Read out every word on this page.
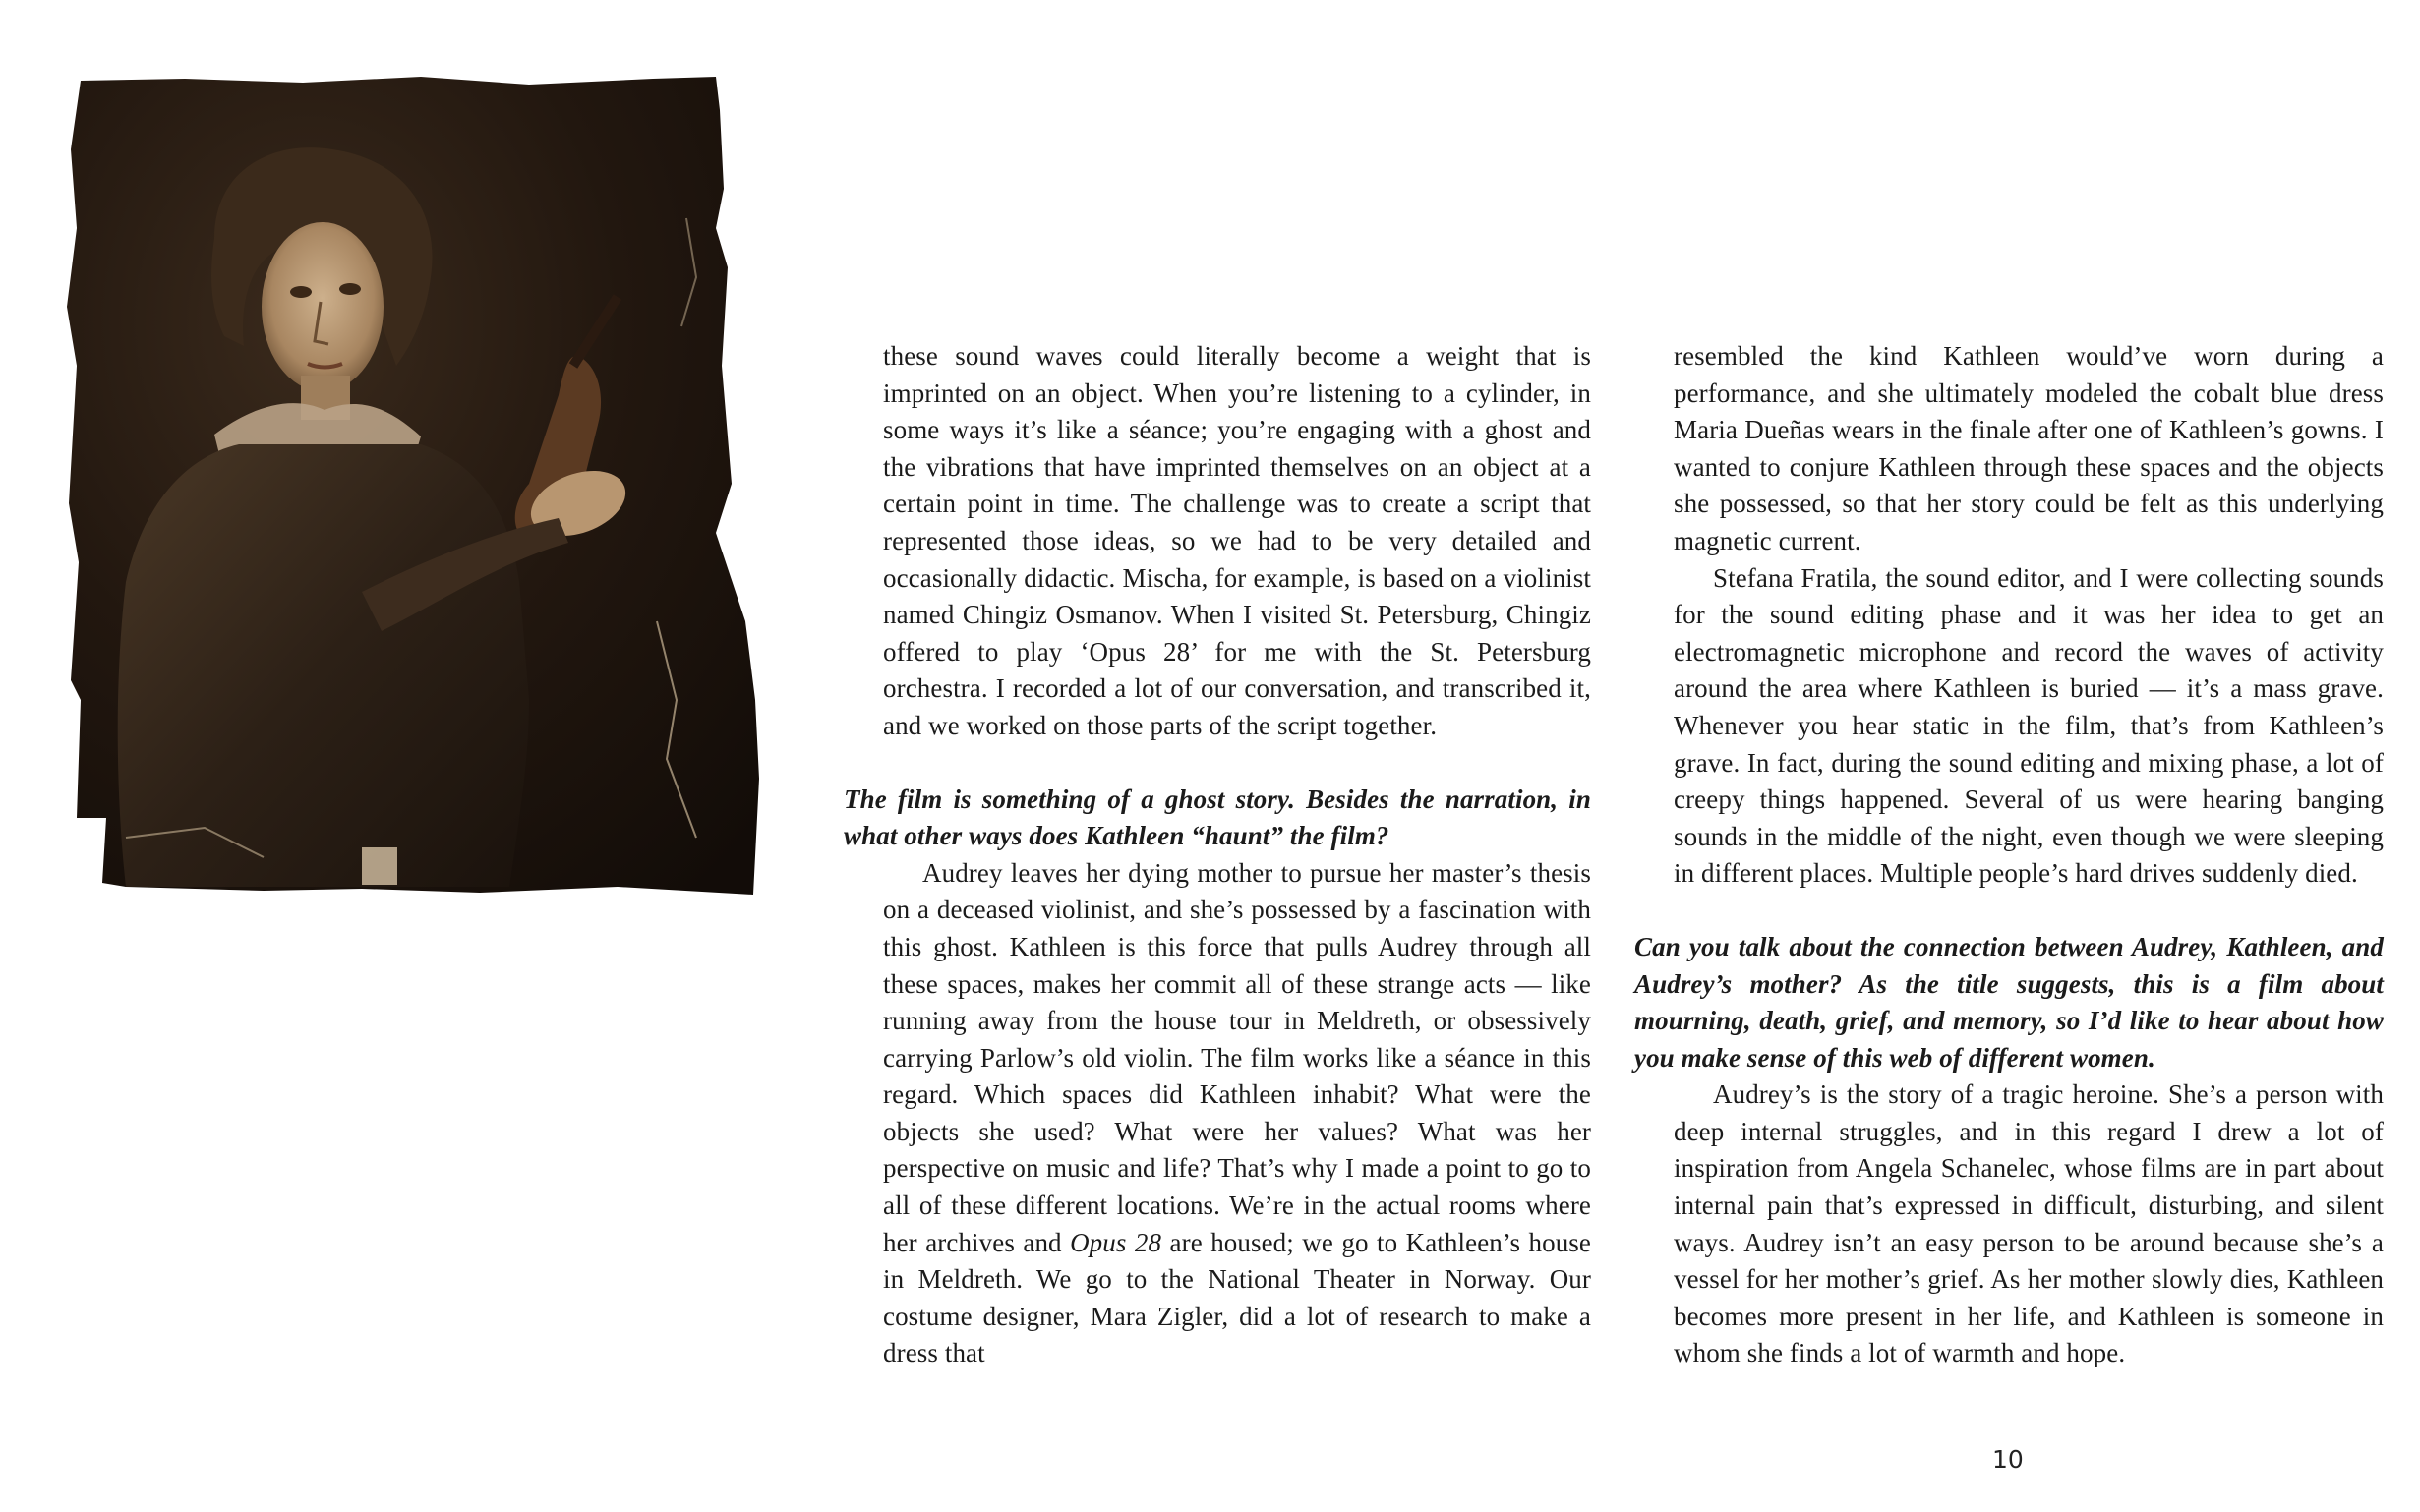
these sound waves could literally become a weight that is imprinted on an object. When you’re listening to a cylinder, in some ways it’s like a séance; you’re engaging with a ghost and the vibrations that have imprinted themselves on an object at a certain point in time. The challenge was to create a script that represented those ideas, so we had to be very detailed and occasionally didactic. Mischa, for example, is based on a violinist named Chingiz Osmanov. When I visited St. Petersburg, Chingiz offered to play ‘Opus 28’ for me with the St. Petersburg orchestra. I recorded a lot of our conversation, and transcribed it, and we worked on those parts of the script together.

The film is something of a ghost story. Besides the narration, in what other ways does Kathleen “haunt” the film?

Audrey leaves her dying mother to pursue her master’s thesis on a deceased violinist, and she’s possessed by a fascination with this ghost. Kathleen is this force that pulls Audrey through all these spaces, makes her commit all of these strange acts — like running away from the house tour in Meldreth, or obsessively carrying Parlow’s old violin. The film works like a séance in this regard. Which spaces did Kathleen inhabit? What were the objects she used? What were her values? What was her perspective on music and life? That’s why I made a point to go to all of these different locations. We’re in the actual rooms where her archives and Opus 28 are housed; we go to Kathleen’s house in Meldreth. We go to the National Theater in Norway. Our costume designer, Mara Zigler, did a lot of research to make a dress that

resembled the kind Kathleen would’ve worn during a performance, and she ultimately modeled the cobalt blue dress Maria Dueñas wears in the finale after one of Kathleen’s gowns. I wanted to conjure Kathleen through these spaces and the objects she possessed, so that her story could be felt as this underlying magnetic current.

Stefana Fratila, the sound editor, and I were collecting sounds for the sound editing phase and it was her idea to get an electromagnetic microphone and record the waves of activity around the area where Kathleen is buried — it’s a mass grave. Whenever you hear static in the film, that’s from Kathleen’s grave. In fact, during the sound editing and mixing phase, a lot of creepy things happened. Several of us were hearing banging sounds in the middle of the night, even though we were sleeping in different places. Multiple people’s hard drives suddenly died.

Can you talk about the connection between Audrey, Kathleen, and Audrey’s mother? As the title suggests, this is a film about mourning, death, grief, and memory, so I’d like to hear about how you make sense of this web of different women.

Audrey’s is the story of a tragic heroine. She’s a person with deep internal struggles, and in this regard I drew a lot of inspiration from Angela Schanelec, whose films are in part about internal pain that’s expressed in difficult, disturbing, and silent ways. Audrey isn’t an easy person to be around because she’s a vessel for her mother’s grief. As her mother slowly dies, Kathleen becomes more present in her life, and Kathleen is someone in whom she finds a lot of warmth and hope.

10
